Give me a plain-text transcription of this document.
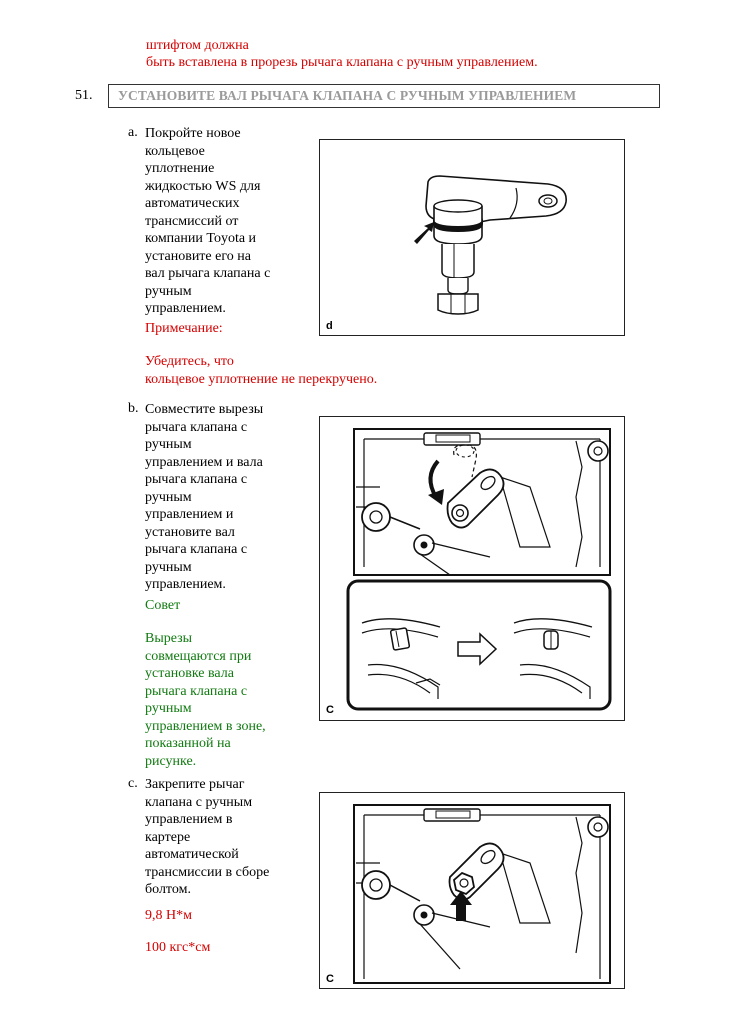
штифтом должна
быть вставлена в прорезь рычага клапана с ручным управлением.
51. УСТАНОВИТЕ ВАЛ РЫЧАГА КЛАПАНА С РУЧНЫМ УПРАВЛЕНИЕМ
a. Покройте новое
кольцевое
уплотнение
жидкостью WS для
автоматических
трансмиссий от
компании Toyota и
установите его на
вал рычага клапана с
ручным
управлением.
Примечание:
Убедитесь, что
кольцевое уплотнение не перекручено.
d
b. Совместите вырезы
рычага клапана с
ручным
управлением и вала
рычага клапана с
ручным
управлением и
установите вал
рычага клапана с
ручным
управлением.
Совет
Вырезы
совмещаются при
установке вала
рычага клапана с
ручным
управлением в зоне,
показанной на
рисунке.
C
c. Закрепите рычаг
клапана с ручным
управлением в
картере
автоматической
трансмиссии в сборе
болтом.
9,8 Н*м
100 кгс*см
C
